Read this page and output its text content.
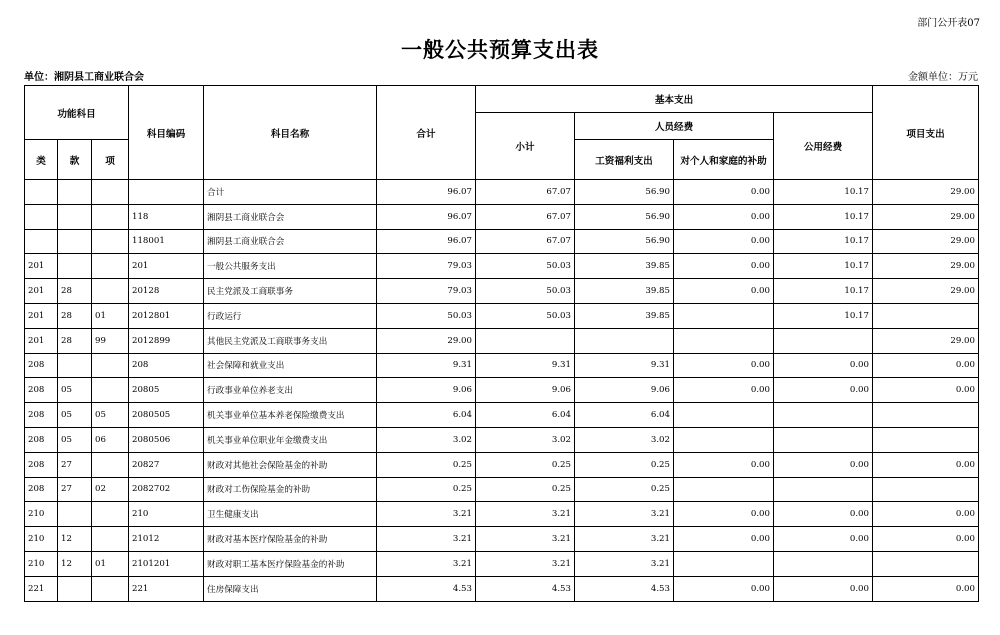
部门公开表07
一般公共预算支出表
单位：湘阴县工商业联合会	金额单位：万元
功能科目			科目编码	科目名称	合计	基本支出				项目支出
						小计	人员经费		公用经费	
类	款	项					工资福利支出	对个人和家庭的补助		
				合计	96.07	67.07	56.90	0.00	10.17	29.00
			118	湘阴县工商业联合会	96.07	67.07	56.90	0.00	10.17	29.00
			118001	湘阴县工商业联合会	96.07	67.07	56.90	0.00	10.17	29.00
201			201	一般公共服务支出	79.03	50.03	39.85	0.00	10.17	29.00
201	28		20128	民主党派及工商联事务	79.03	50.03	39.85	0.00	10.17	29.00
201	28	01	2012801	行政运行	50.03	50.03	39.85		10.17	
201	28	99	2012899	其他民主党派及工商联事务支出	29.00					29.00
208			208	社会保障和就业支出	9.31	9.31	9.31	0.00	0.00	0.00
208	05		20805	行政事业单位养老支出	9.06	9.06	9.06	0.00	0.00	0.00
208	05	05	2080505	机关事业单位基本养老保险缴费支出	6.04	6.04	6.04			
208	05	06	2080506	机关事业单位职业年金缴费支出	3.02	3.02	3.02			
208	27		20827	财政对其他社会保险基金的补助	0.25	0.25	0.25	0.00	0.00	0.00
208	27	02	2082702	财政对工伤保险基金的补助	0.25	0.25	0.25			
210			210	卫生健康支出	3.21	3.21	3.21	0.00	0.00	0.00
210	12		21012	财政对基本医疗保险基金的补助	3.21	3.21	3.21	0.00	0.00	0.00
210	12	01	2101201	财政对职工基本医疗保险基金的补助	3.21	3.21	3.21			
221			221	住房保障支出	4.53	4.53	4.53	0.00	0.00	0.00
